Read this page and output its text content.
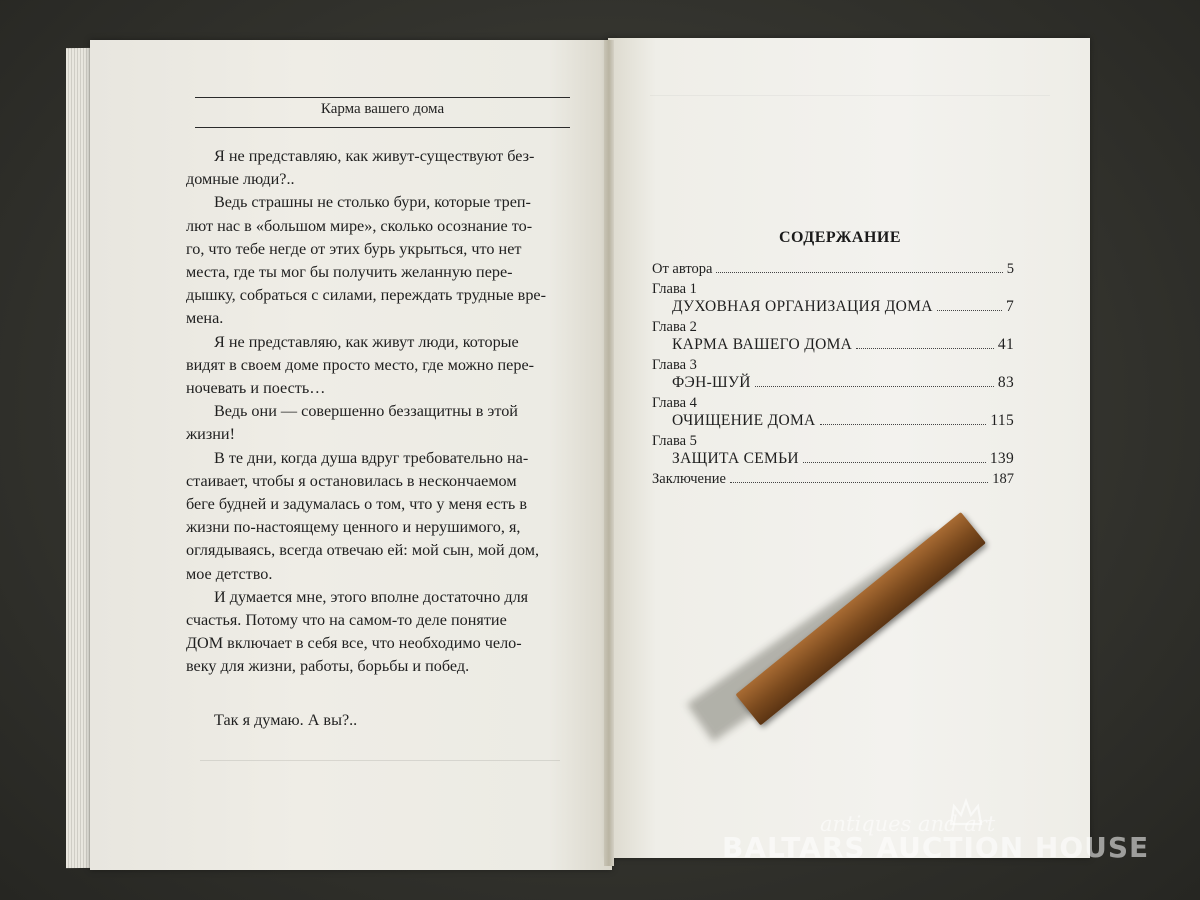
Карма вашего дома

Я не представляю, как живут-существуют без-
домные люди?..

Ведь страшны не столько бури, которые треп-
лют нас в «большом мире», сколько осознание то-
го, что тебе негде от этих бурь укрыться, что нет
места, где ты мог бы получить желанную пере-
дышку, собраться с силами, переждать трудные вре-
мена.

Я не представляю, как живут люди, которые
видят в своем доме просто место, где можно пере-
ночевать и поесть…

Ведь они — совершенно беззащитны в этой
жизни!

В те дни, когда душа вдруг требовательно на-
стаивает, чтобы я остановилась в нескончаемом
беге будней и задумалась о том, что у меня есть в
жизни по-настоящему ценного и нерушимого, я,
оглядываясь, всегда отвечаю ей: мой сын, мой дом,
мое детство.

И думается мне, этого вполне достаточно для
счастья. Потому что на самом-то деле понятие
ДОМ включает в себя все, что необходимо чело-
веку для жизни, работы, борьбы и побед.

Так я думаю. А вы?..

СОДЕРЖАНИЕ
От автора	5
Глава 1
ДУХОВНАЯ ОРГАНИЗАЦИЯ ДОМА	7
Глава 2
КАРМА ВАШЕГО ДОМА	41
Глава 3
ФЭН-ШУЙ	83
Глава 4
ОЧИЩЕНИЕ ДОМА	115
Глава 5
ЗАЩИТА СЕМЬИ	139
Заключение	187
antiques and art
BALTARS AUCTION HOUSE
